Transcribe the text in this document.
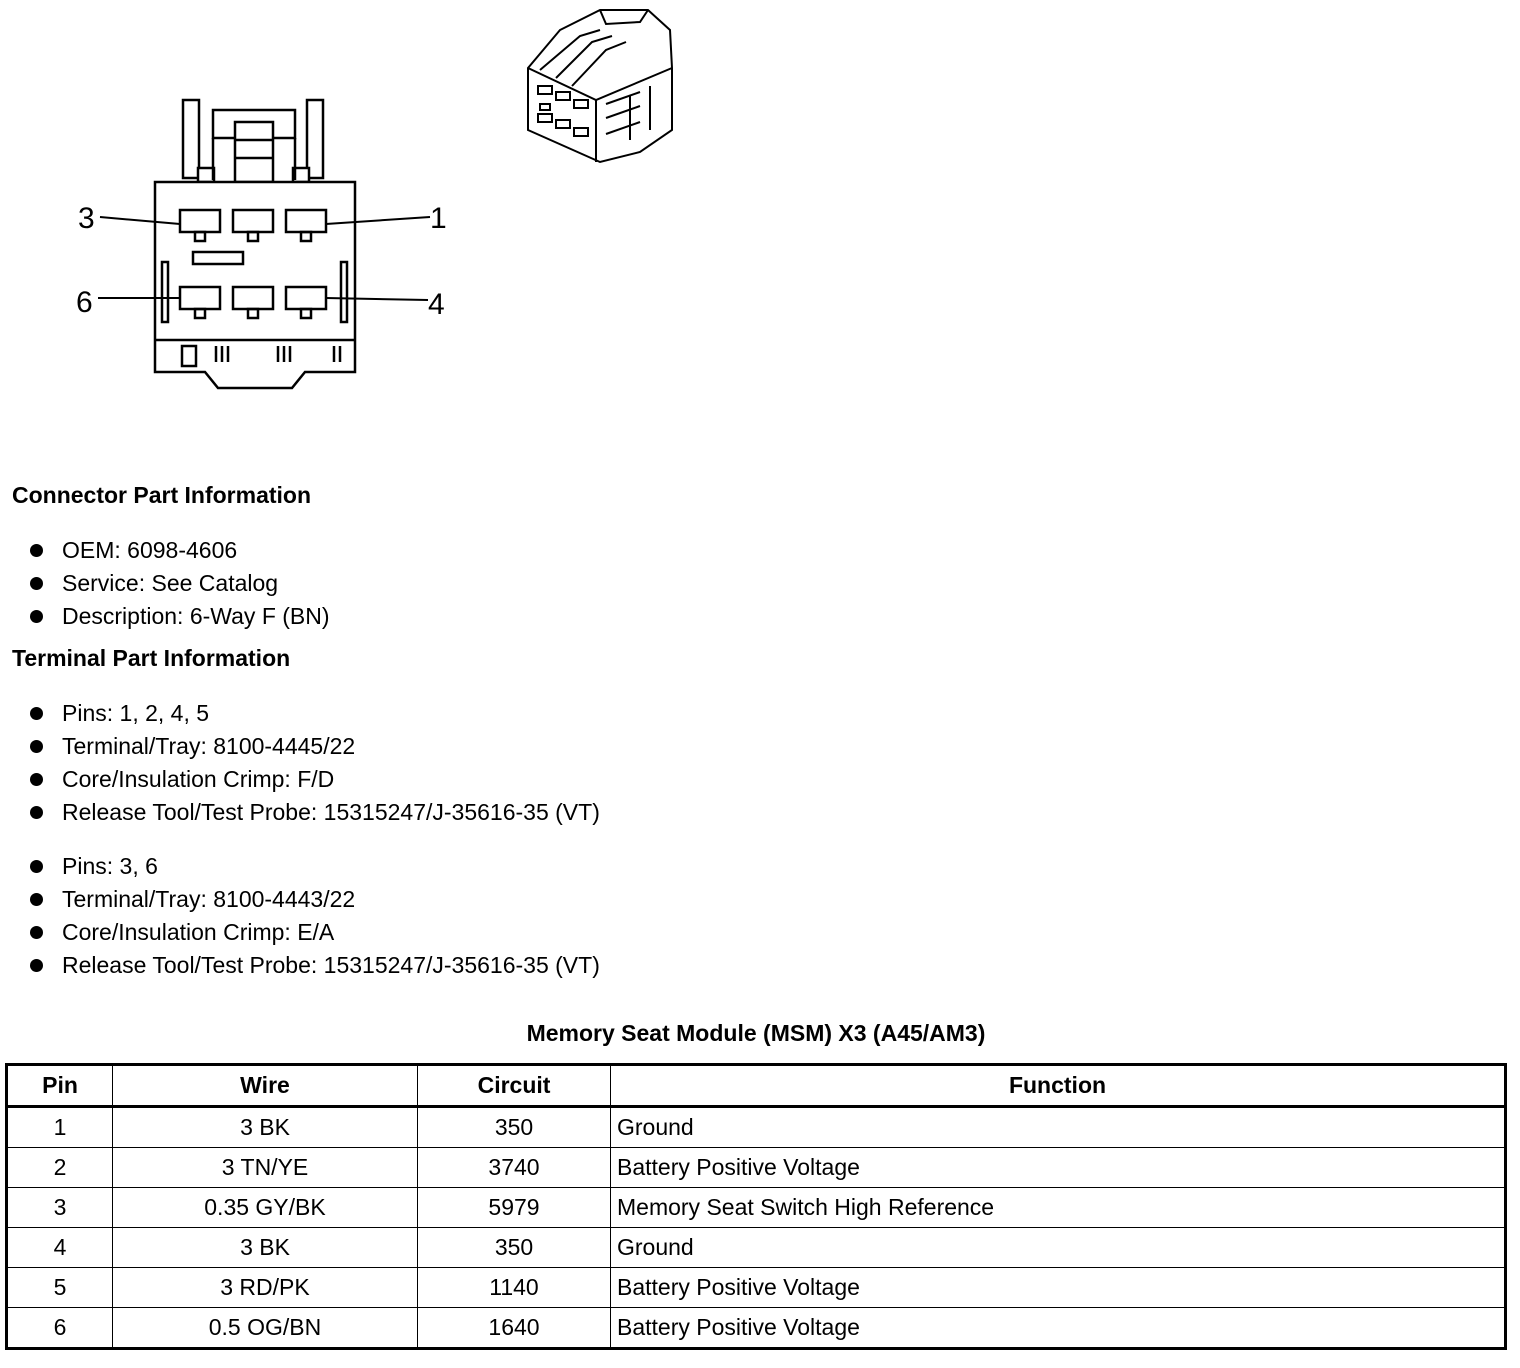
3	1
6	4
Connector Part Information
OEM: 6098-4606
Service: See Catalog
Description: 6-Way F (BN)
Terminal Part Information
Pins: 1, 2, 4, 5
Terminal/Tray: 8100-4445/22
Core/Insulation Crimp: F/D
Release Tool/Test Probe: 15315247/J-35616-35 (VT)
Pins: 3, 6
Terminal/Tray: 8100-4443/22
Core/Insulation Crimp: E/A
Release Tool/Test Probe: 15315247/J-35616-35 (VT)
Memory Seat Module (MSM) X3 (A45/AM3)
Pin	Wire	Circuit	Function
1	3 BK	350	Ground
2	3 TN/YE	3740	Battery Positive Voltage
3	0.35 GY/BK	5979	Memory Seat Switch High Reference
4	3 BK	350	Ground
5	3 RD/PK	1140	Battery Positive Voltage
6	0.5 OG/BN	1640	Battery Positive Voltage
